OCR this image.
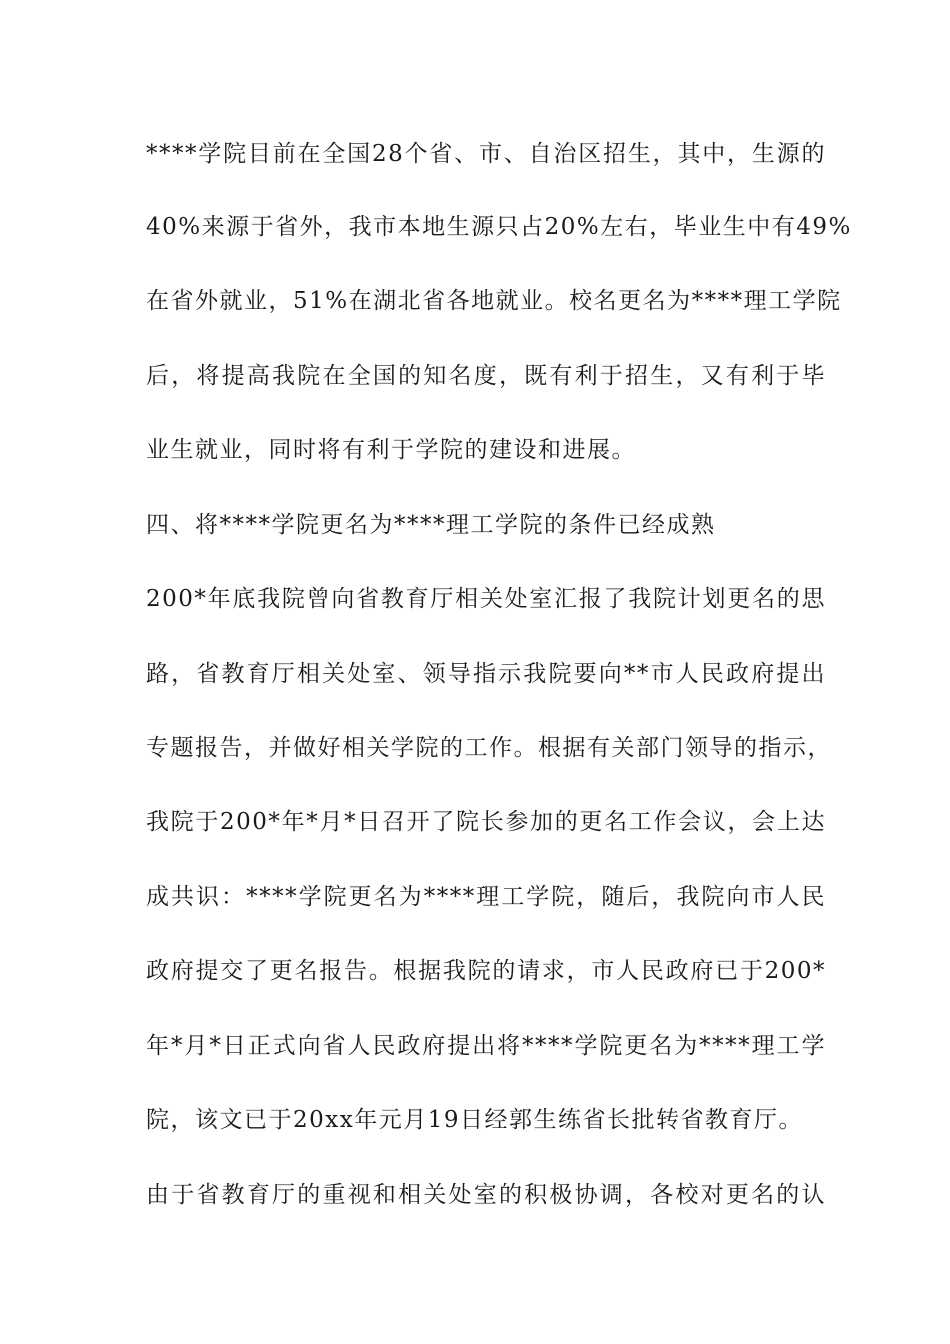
****学院目前在全国28个省、市、自治区招生，其中，生源的
40%来源于省外，我市本地生源只占20%左右，毕业生中有49%
在省外就业，51%在湖北省各地就业。校名更名为****理工学院
后，将提高我院在全国的知名度，既有利于招生，又有利于毕
业生就业，同时将有利于学院的建设和进展。
四、将****学院更名为****理工学院的条件已经成熟
200*年底我院曾向省教育厅相关处室汇报了我院计划更名的思
路，省教育厅相关处室、领导指示我院要向**市人民政府提出
专题报告，并做好相关学院的工作。根据有关部门领导的指示，
我院于200*年*月*日召开了院长参加的更名工作会议，会上达
成共识：****学院更名为****理工学院，随后，我院向市人民
政府提交了更名报告。根据我院的请求，市人民政府已于200*
年*月*日正式向省人民政府提出将****学院更名为****理工学
院，该文已于20xx年元月19日经郭生练省长批转省教育厅。
由于省教育厅的重视和相关处室的积极协调，各校对更名的认
